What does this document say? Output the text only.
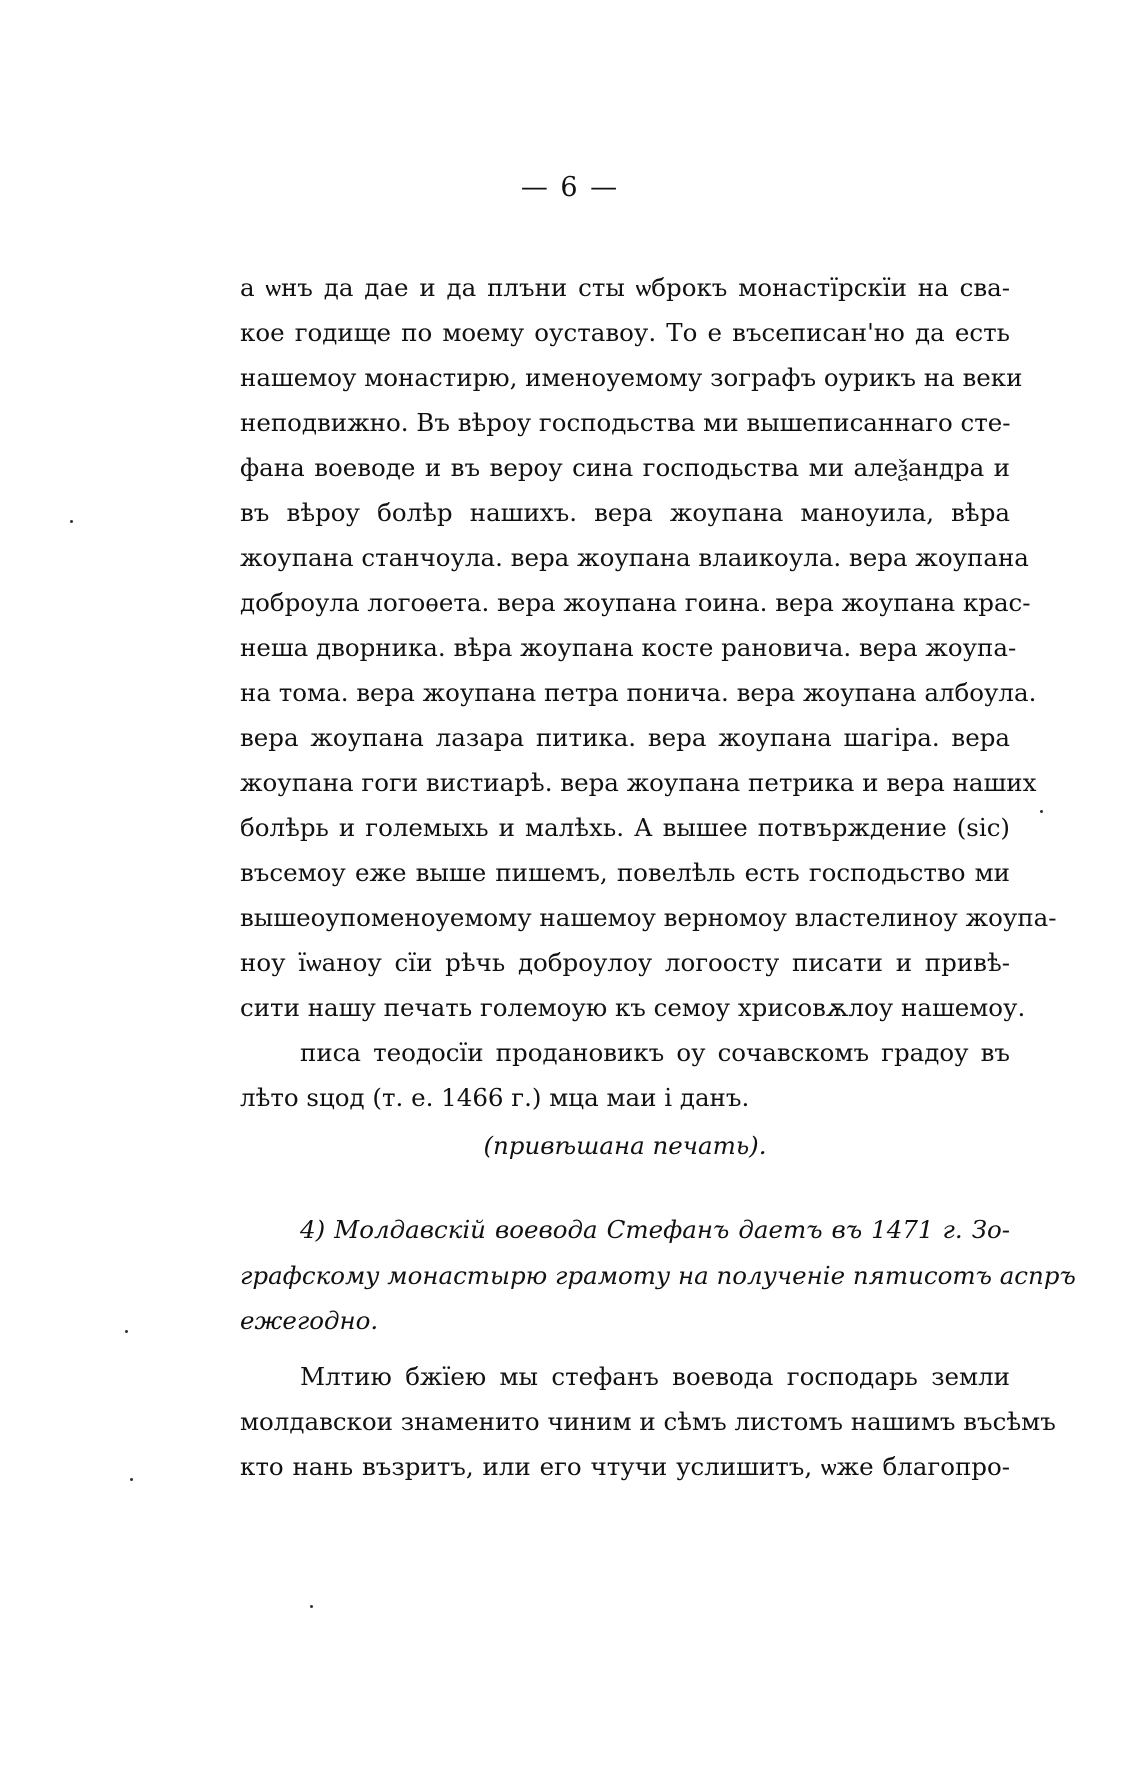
— 6 —
а ѡнъ да дае и да плъни сты ѡброкъ монастїрскїи на сва-
кое годище по моему оуставоу. То е въсеписан'но да есть
нашемоу монастирю, именоуемому зографъ оурикъ на веки
неподвижно. Въ вѣроу господьства ми вышеписаннаго сте-
фана воеводе и въ вероу сина господьства ми алеѯандра и
въ вѣроу болѣр нашихъ. вера жоупана маноуила, вѣра
жоупана станчоула. вера жоупана влаикоула. вера жоупана
доброула логоѳета. вера жоупана гоина. вера жоупана крас-
неша дворника. вѣра жоупана косте рановича. вера жоупа-
на тома. вера жоупана петра понича. вера жоупана албоула.
вера жоупана лазара питика. вера жоупана шагіра. вера
жоупана гоги вистиарѣ. вера жоупана петрика и вера наших
болѣрь и големыхь и малѣхь. А вышее потвърждение (sic)
въсемоу еже выше пишемъ, повелѣль есть господьство ми
вышеоупоменоуемому нашемоу верномоу властелиноу жоупа-
ноу їѡаноу сїи рѣчь доброулоу логоосту писати и привѣ-
сити нашу печать големоую къ семоу хрисовѫлоу нашемоу.
писа теодосїи продановикъ оу сочавскомъ градоу въ
лѣто ѕцод (т. е. 1466 г.) мца маи і данъ.
(привѣшана печать).
4) Молдавскій воевода Стефанъ даетъ въ 1471 г. Зо-
графскому монастырю грамоту на полученіе пятисотъ аспръ
ежегодно.
Млтию бжїею мы стефанъ воевода господарь земли
молдавскои знаменито чиним и сѣмъ листомъ нашимъ въсѣмъ
кто нань възритъ, или его чтучи услишитъ, ѡже благопро-
